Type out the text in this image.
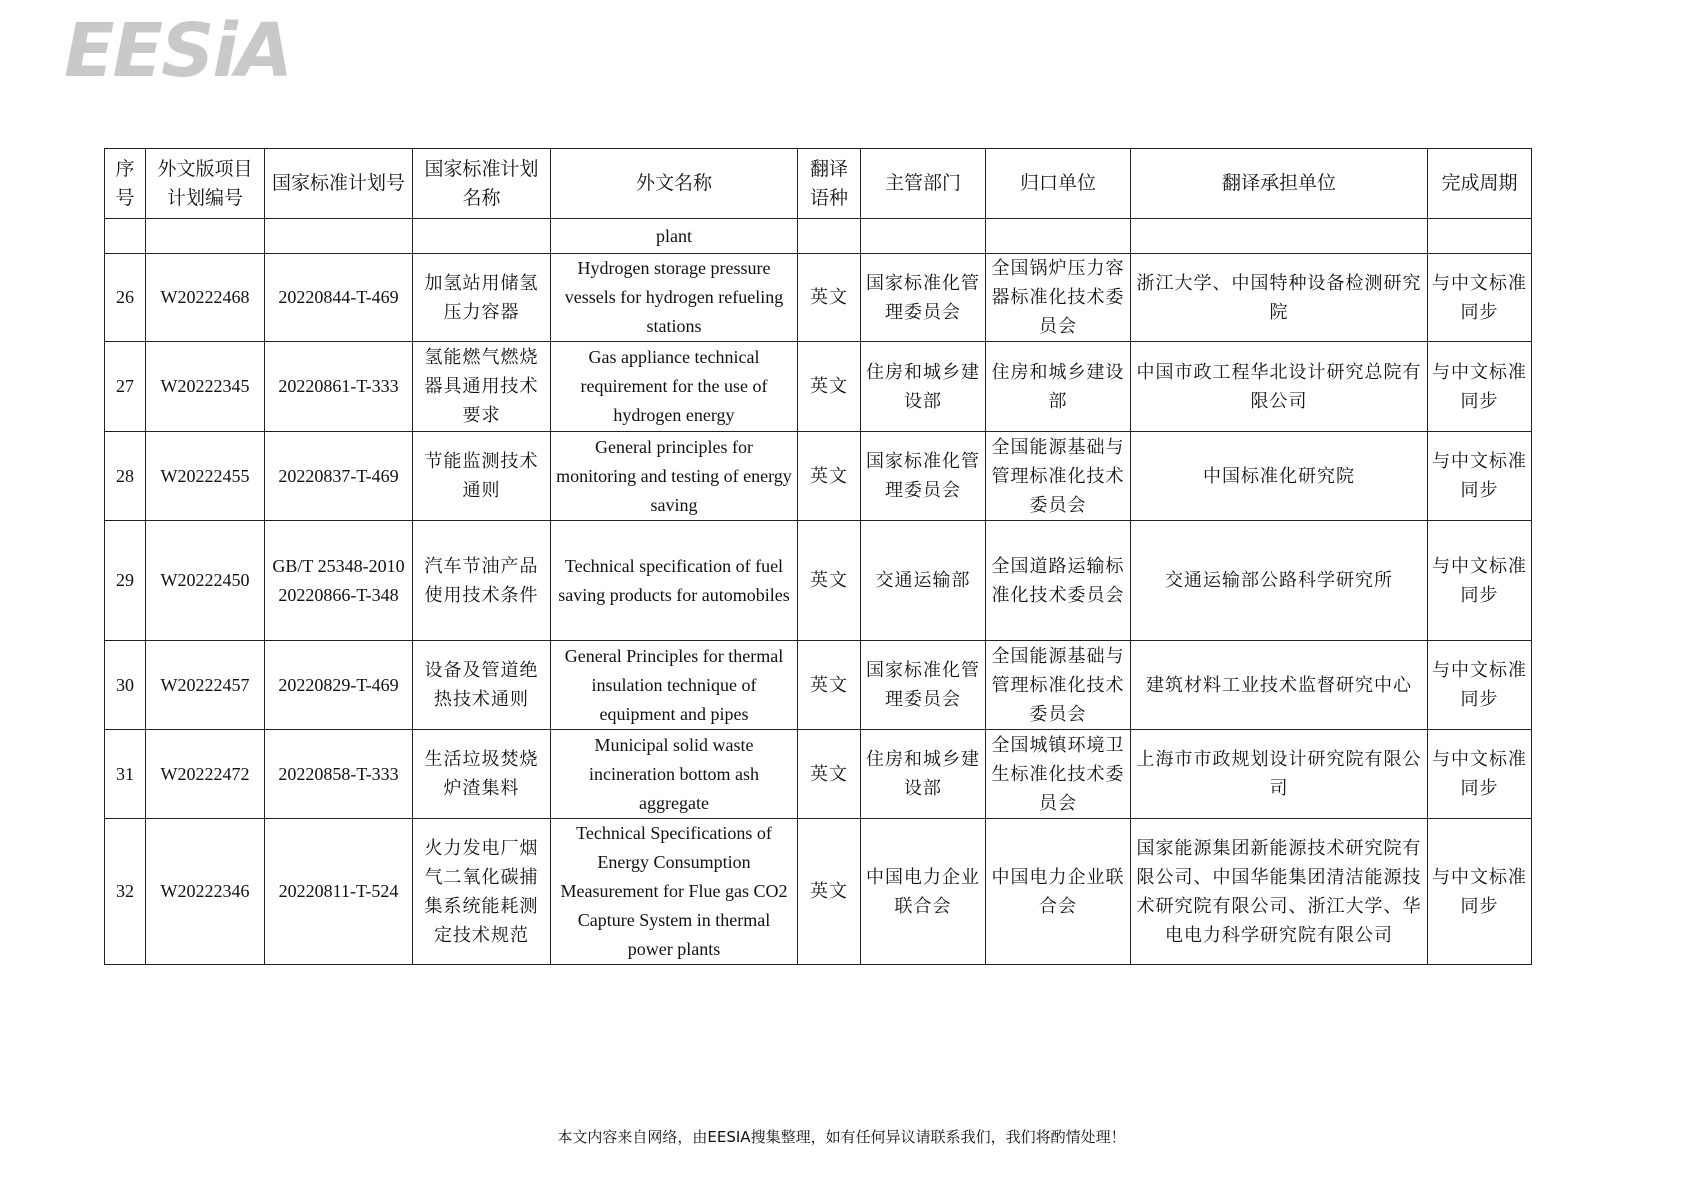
EESiA
序号	外文版项目计划编号	国家标准计划号	国家标准计划名称	外文名称	翻译语种	主管部门	归口单位	翻译承担单位	完成周期
				plant					
26	W20222468	20220844-T-469	加氢站用储氢压力容器	Hydrogen storage pressure vessels for hydrogen refueling stations	英文	国家标准化管理委员会	全国锅炉压力容器标准化技术委员会	浙江大学、中国特种设备检测研究院	与中文标准同步
27	W20222345	20220861-T-333	氢能燃气燃烧器具通用技术要求	Gas appliance technical requirement for the use of hydrogen energy	英文	住房和城乡建设部	住房和城乡建设部	中国市政工程华北设计研究总院有限公司	与中文标准同步
28	W20222455	20220837-T-469	节能监测技术通则	General principles for monitoring and testing of energy saving	英文	国家标准化管理委员会	全国能源基础与管理标准化技术委员会	中国标准化研究院	与中文标准同步
29	W20222450	GB/T 25348-2010 20220866-T-348	汽车节油产品使用技术条件	Technical specification of fuel saving products for automobiles	英文	交通运输部	全国道路运输标准化技术委员会	交通运输部公路科学研究所	与中文标准同步
30	W20222457	20220829-T-469	设备及管道绝热技术通则	General Principles for thermal insulation technique of equipment and pipes	英文	国家标准化管理委员会	全国能源基础与管理标准化技术委员会	建筑材料工业技术监督研究中心	与中文标准同步
31	W20222472	20220858-T-333	生活垃圾焚烧炉渣集料	Municipal solid waste incineration bottom ash aggregate	英文	住房和城乡建设部	全国城镇环境卫生标准化技术委员会	上海市市政规划设计研究院有限公司	与中文标准同步
32	W20222346	20220811-T-524	火力发电厂烟气二氧化碳捕集系统能耗测定技术规范	Technical Specifications of Energy Consumption Measurement for Flue gas CO2 Capture System in thermal power plants	英文	中国电力企业联合会	中国电力企业联合会	国家能源集团新能源技术研究院有限公司、中国华能集团清洁能源技术研究院有限公司、浙江大学、华电电力科学研究院有限公司	与中文标准同步
本文内容来自网络，由EESIA搜集整理，如有任何异议请联系我们，我们将酌情处理！
